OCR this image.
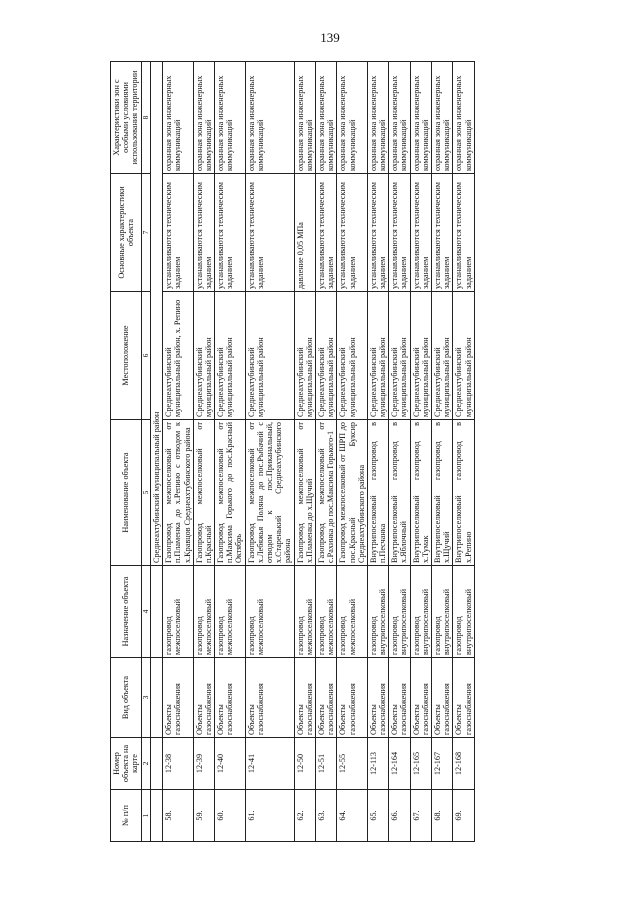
139
№ п/п	Номер объекта на карте	Вид объекта	Назначение объекта	Наименование объекта	Местоположение	Основные характеристики объекта	Характеристики зон с особыми условиями использования территории
1	2	3	4	5	6	7	8
				Среднеахтубинский муниципальный район			
58.	12-38	Объекты газоснабжения	газопровод межпоселковый	Газопровод межпоселковый от п.Пламенка до х.Репино с отводом к х.Кравцов Среднеахтубинского района	Среднеахтубинский муниципальный район, х. Репино	устанавливаются техническим заданием	охранная зона инженерных коммуникаций
59.	12-39	Объекты газоснабжения	газопровод межпоселковый	Газопровод межпоселковый от п.Красный	Среднеахтубинский муниципальный район	устанавливаются техническим заданием	охранная зона инженерных коммуникаций
60.	12-40	Объекты газоснабжения	газопровод межпоселковый	Газопровод межпоселковый от п.Максима Горького до пос.Красный Октябрь	Среднеахтубинский муниципальный район	устанавливаются техническим заданием	охранная зона инженерных коммуникаций
61.	12-41	Объекты газоснабжения	газопровод межпоселковый	Газопровод межпоселковый от х.Лебяжья Поляна до пос.Рыбачий с отводом к пос.Приканальный, х.Старенький Среднеахтубинского района	Среднеахтубинский муниципальный район	устанавливаются техническим заданием	охранная зона инженерных коммуникаций
62.	12-50	Объекты газоснабжения	газопровод межпоселковый	Газопровод межпоселковый от х.Пламенка до х.Щучий	Среднеахтубинский муниципальный район	давление 0,05 МПа	охранная зона инженерных коммуникаций
63.	12-51	Объекты газоснабжения	газопровод межпоселковый	Газопровод межпоселковый от с.Рахинка до пос.Максима Горького-1	Среднеахтубинский муниципальный район	устанавливаются техническим заданием	охранная зона инженерных коммуникаций
64.	12-55	Объекты газоснабжения	газопровод межпоселковый	Газопровод межпоселковый от ШРП до пос.Красный Буксир Среднеахтубинского района	Среднеахтубинский муниципальный район	устанавливаются техническим заданием	охранная зона инженерных коммуникаций
65.	12-113	Объекты газоснабжения	газопровод внутрипоселковый	Внутрипоселковый газопровод в п.Песчанка	Среднеахтубинский муниципальный район	устанавливаются техническим заданием	охранная зона инженерных коммуникаций
66.	12-164	Объекты газоснабжения	газопровод внутрипоселковый	Внутрипоселковый газопровод в х.Яблочный	Среднеахтубинский муниципальный район	устанавливаются техническим заданием	охранная зона инженерных коммуникаций
67.	12-165	Объекты газоснабжения	газопровод внутрипоселковый	Внутрипоселковый газопровод в х.Тумак	Среднеахтубинский муниципальный район	устанавливаются техническим заданием	охранная зона инженерных коммуникаций
68.	12-167	Объекты газоснабжения	газопровод внутрипоселковый	Внутрипоселковый газопровод в х.Щучий	Среднеахтубинский муниципальный район	устанавливаются техническим заданием	охранная зона инженерных коммуникаций
69.	12-168	Объекты газоснабжения	газопровод внутрипоселковый	Внутрипоселковый газопровод в х.Репино	Среднеахтубинский муниципальный район	устанавливаются техническим заданием	охранная зона инженерных коммуникаций
